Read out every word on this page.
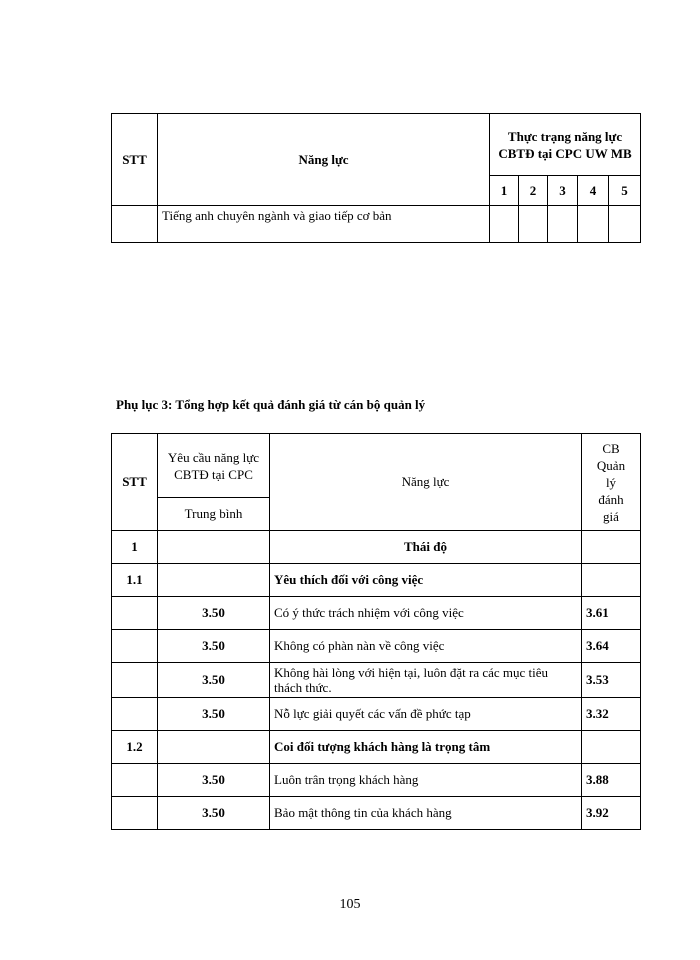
STT	Năng lực	Thực trạng năng lực CBTĐ tại CPC UW MB				
		1	2	3	4	5
	Tiếng anh chuyên ngành và giao tiếp cơ bản					
Phụ lục 3: Tổng hợp kết quả đánh giá từ cán bộ quản lý
STT	Yêu cầu năng lực CBTĐ tại CPC	Năng lực	CB Quản lý đánh giá
	Trung bình		
1		Thái độ	
1.1		Yêu thích đối với công việc	
	3.50	Có ý thức trách nhiệm với công việc	3.61
	3.50	Không có phàn nàn về công việc	3.64
	3.50	Không hài lòng với hiện tại, luôn đặt ra các mục tiêu thách thức.	3.53
	3.50	Nỗ lực giải quyết các vấn đề phức tạp	3.32
1.2		Coi đối tượng khách hàng là trọng tâm	
	3.50	Luôn trân trọng khách hàng	3.88
	3.50	Bảo mật thông tin của khách hàng	3.92
105
